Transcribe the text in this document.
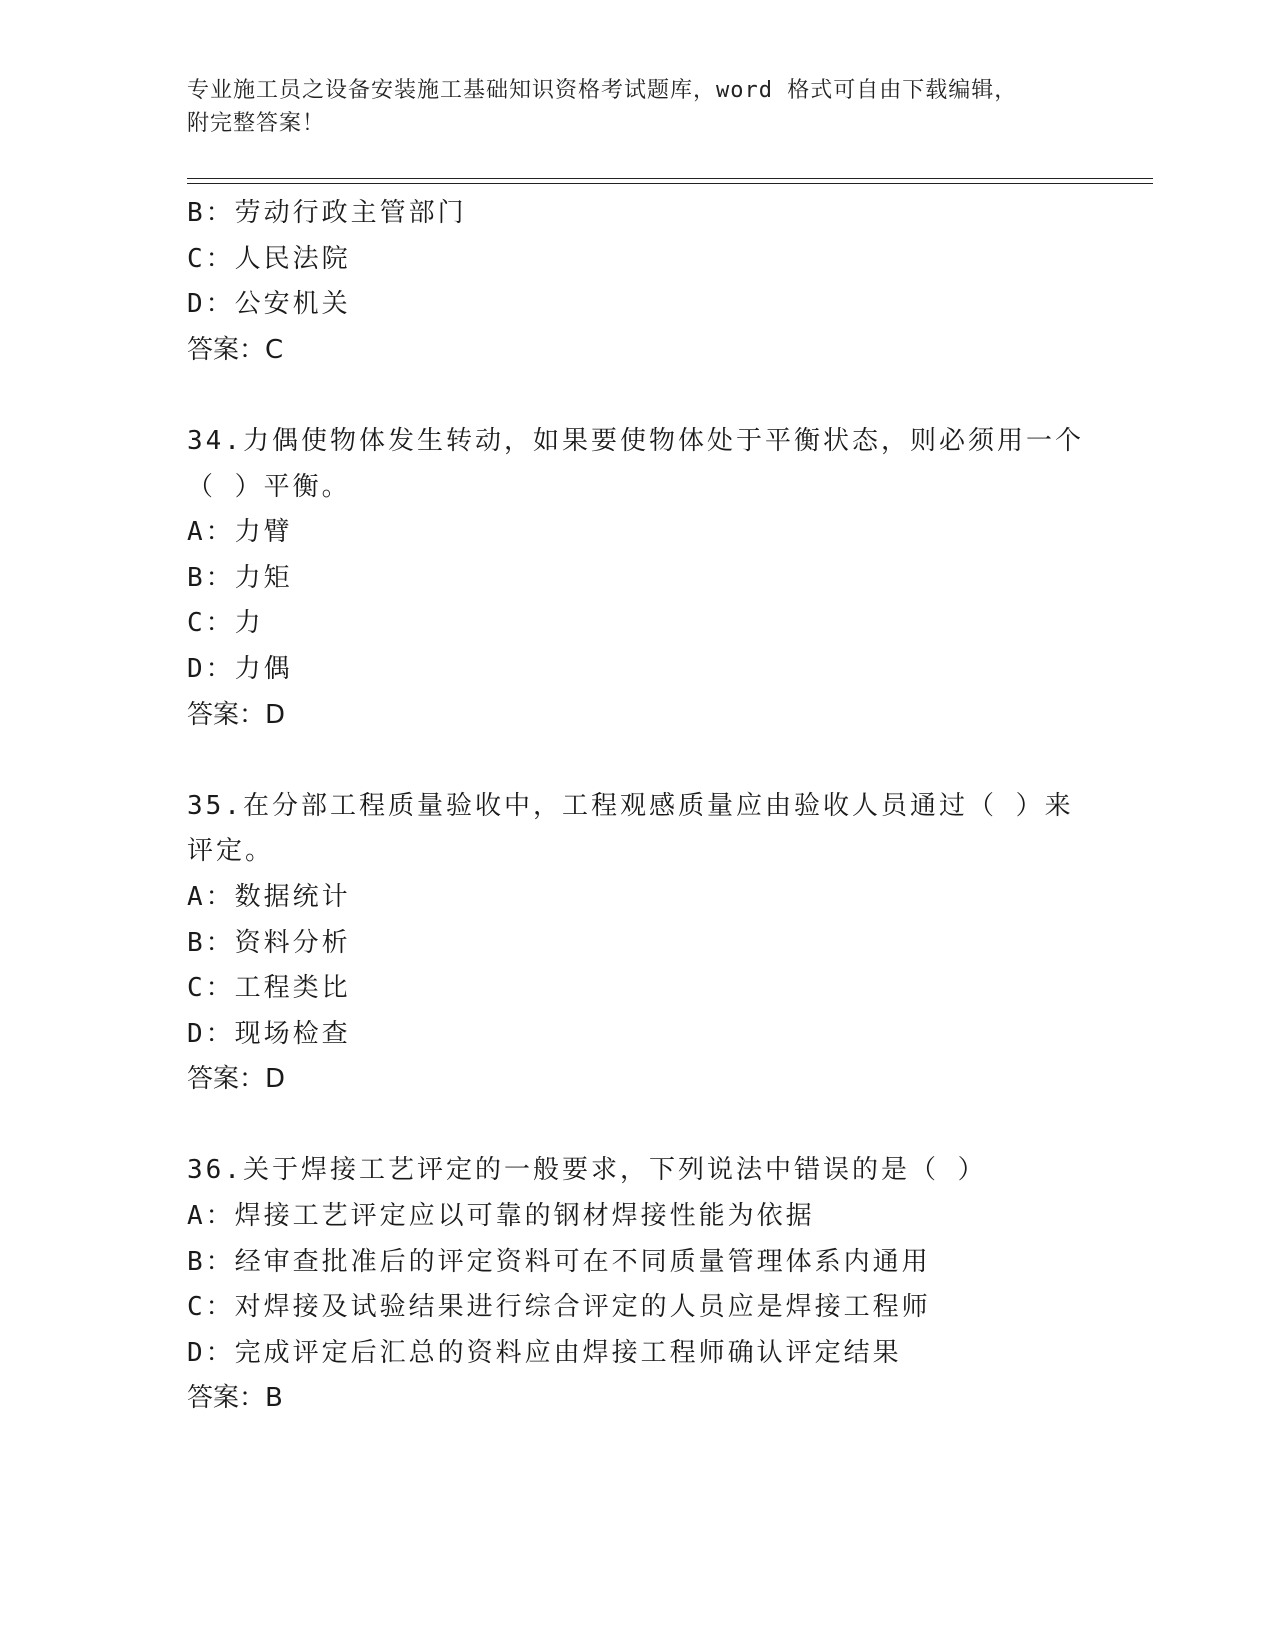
专业施工员之设备安装施工基础知识资格考试题库，word 格式可自由下载编辑，
附完整答案！
B：劳动行政主管部门
C：人民法院
D：公安机关
答案：C
34.力偶使物体发生转动，如果要使物体处于平衡状态，则必须用一个
（ ）平衡。
A：力臂
B：力矩
C：力
D：力偶
答案：D
35.在分部工程质量验收中，工程观感质量应由验收人员通过（ ）来
评定。
A：数据统计
B：资料分析
C：工程类比
D：现场检查
答案：D
36.关于焊接工艺评定的一般要求，下列说法中错误的是（ ）
A：焊接工艺评定应以可靠的钢材焊接性能为依据
B：经审查批准后的评定资料可在不同质量管理体系内通用
C：对焊接及试验结果进行综合评定的人员应是焊接工程师
D：完成评定后汇总的资料应由焊接工程师确认评定结果
答案：B
